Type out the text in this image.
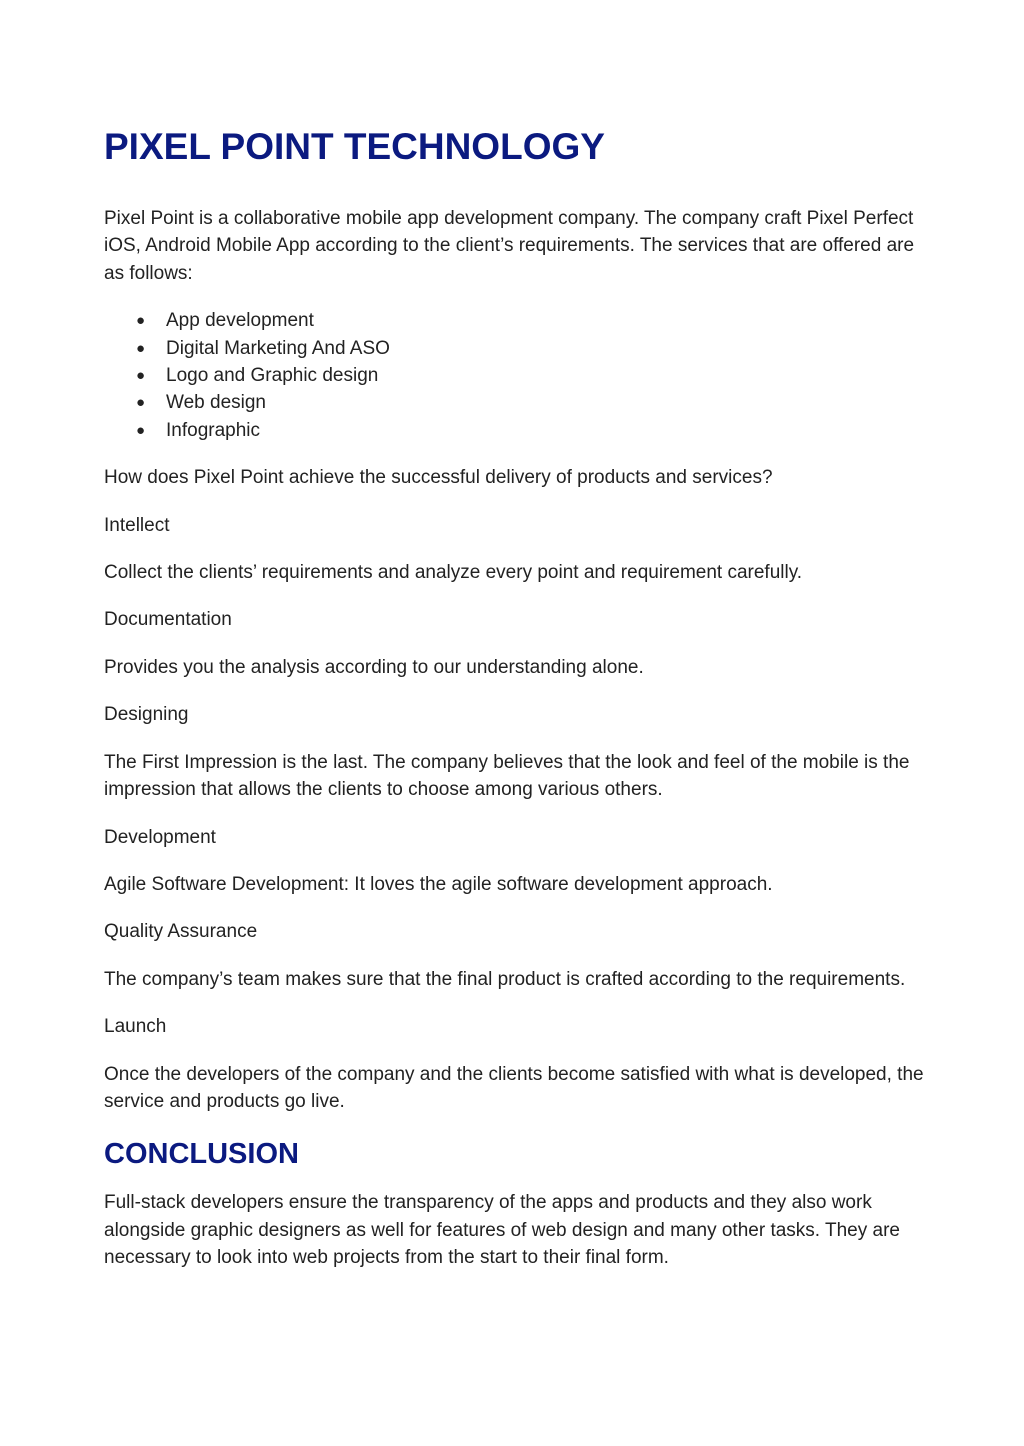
PIXEL POINT TECHNOLOGY

Pixel Point is a collaborative mobile app development company. The company craft Pixel Perfect iOS, Android Mobile App according to the client’s requirements. The services that are offered are as follows:

● App development
● Digital Marketing And ASO
● Logo and Graphic design
● Web design
● Infographic

How does Pixel Point achieve the successful delivery of products and services?

Intellect

Collect the clients’ requirements and analyze every point and requirement carefully.

Documentation

Provides you the analysis according to our understanding alone.

Designing

The First Impression is the last. The company believes that the look and feel of the mobile is the impression that allows the clients to choose among various others.

Development

Agile Software Development: It loves the agile software development approach.

Quality Assurance

The company’s team makes sure that the final product is crafted according to the requirements.

Launch

Once the developers of the company and the clients become satisfied with what is developed, the service and products go live.

CONCLUSION

Full-stack developers ensure the transparency of the apps and products and they also work alongside graphic designers as well for features of web design and many other tasks. They are necessary to look into web projects from the start to their final form.
